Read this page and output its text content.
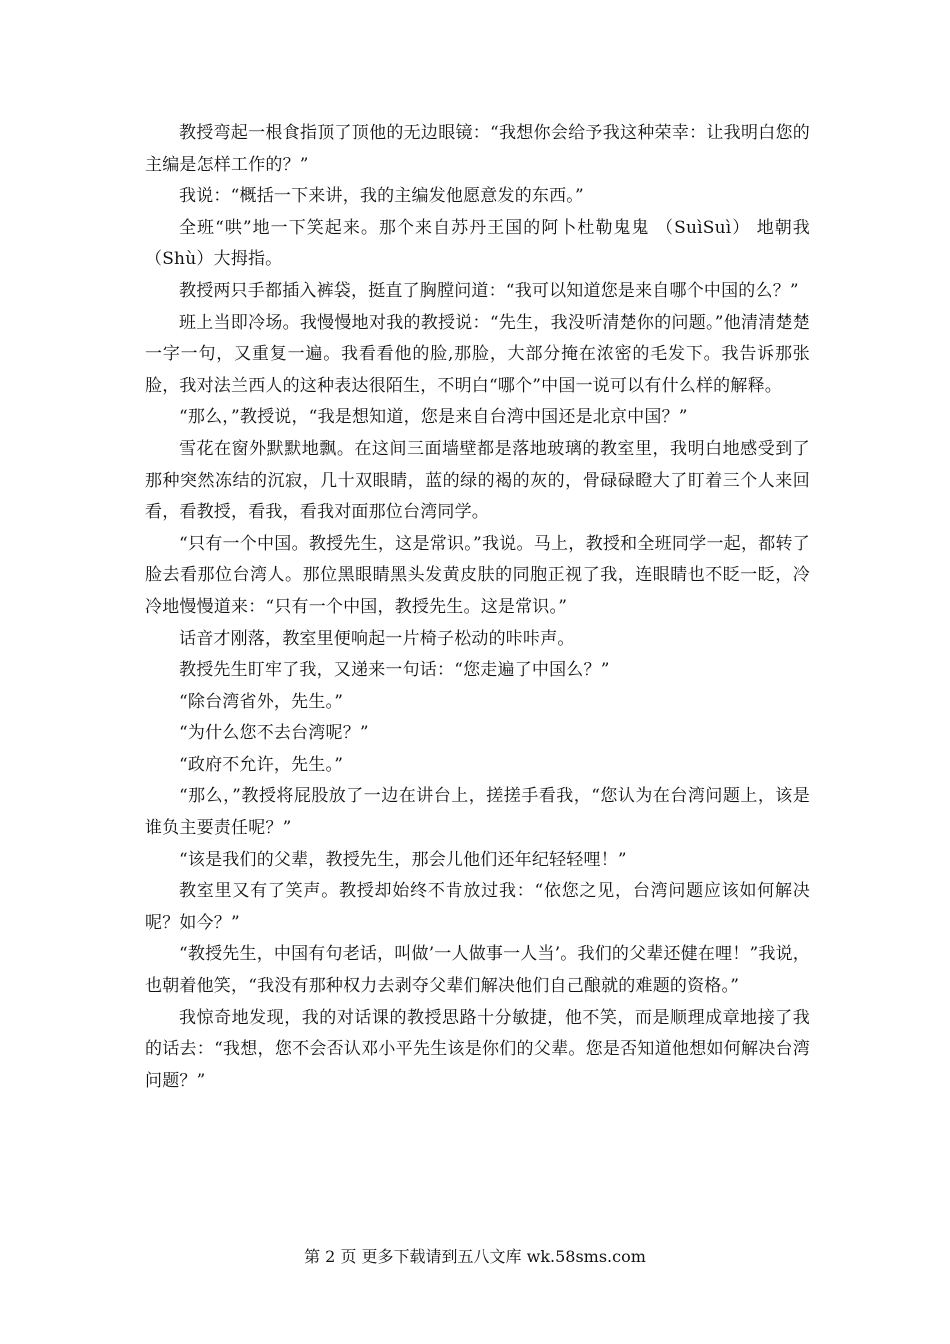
教授弯起一根食指顶了顶他的无边眼镜：“我想你会给予我这种荣幸：让我明白您的主编是怎样工作的？”

我说：“概括一下来讲，我的主编发他愿意发的东西。”

全班“哄”地一下笑起来。那个来自苏丹王国的阿卜杜勒鬼鬼 （SuìSuì） 地朝我（Shù）大拇指。

教授两只手都插入裤袋，挺直了胸膛问道：“我可以知道您是来自哪个中国的么？”

班上当即冷场。我慢慢地对我的教授说：“先生，我没听清楚你的问题。”他清清楚楚一字一句，又重复一遍。我看看他的脸,那脸，大部分掩在浓密的毛发下。我告诉那张脸，我对法兰西人的这种表达很陌生，不明白“哪个”中国一说可以有什么样的解释。

“那么，”教授说，“我是想知道，您是来自台湾中国还是北京中国？”

雪花在窗外默默地飘。在这间三面墙壁都是落地玻璃的教室里，我明白地感受到了那种突然冻结的沉寂，几十双眼睛，蓝的绿的褐的灰的，骨碌碌瞪大了盯着三个人来回看，看教授，看我，看我对面那位台湾同学。

“只有一个中国。教授先生，这是常识。”我说。马上，教授和全班同学一起，都转了脸去看那位台湾人。那位黑眼睛黑头发黄皮肤的同胞正视了我，连眼睛也不眨一眨，冷冷地慢慢道来：“只有一个中国，教授先生。这是常识。”

话音才刚落，教室里便响起一片椅子松动的咔咔声。

教授先生盯牢了我，又递来一句话：“您走遍了中国么？”

“除台湾省外，先生。”

“为什么您不去台湾呢？”

“政府不允许，先生。”

“那么，”教授将屁股放了一边在讲台上，搓搓手看我，“您认为在台湾问题上，该是谁负主要责任呢？”

“该是我们的父辈，教授先生，那会儿他们还年纪轻轻哩！”

教室里又有了笑声。教授却始终不肯放过我：“依您之见，台湾问题应该如何解决呢？如今？”

“教授先生，中国有句老话，叫做’一人做事一人当’。我们的父辈还健在哩！”我说，也朝着他笑，“我没有那种权力去剥夺父辈们解决他们自己酿就的难题的资格。”

我惊奇地发现，我的对话课的教授思路十分敏捷，他不笑，而是顺理成章地接了我的话去：“我想，您不会否认邓小平先生该是你们的父辈。您是否知道他想如何解决台湾问题？”

第 2 页 更多下载请到五八文库 wk.58sms.com
